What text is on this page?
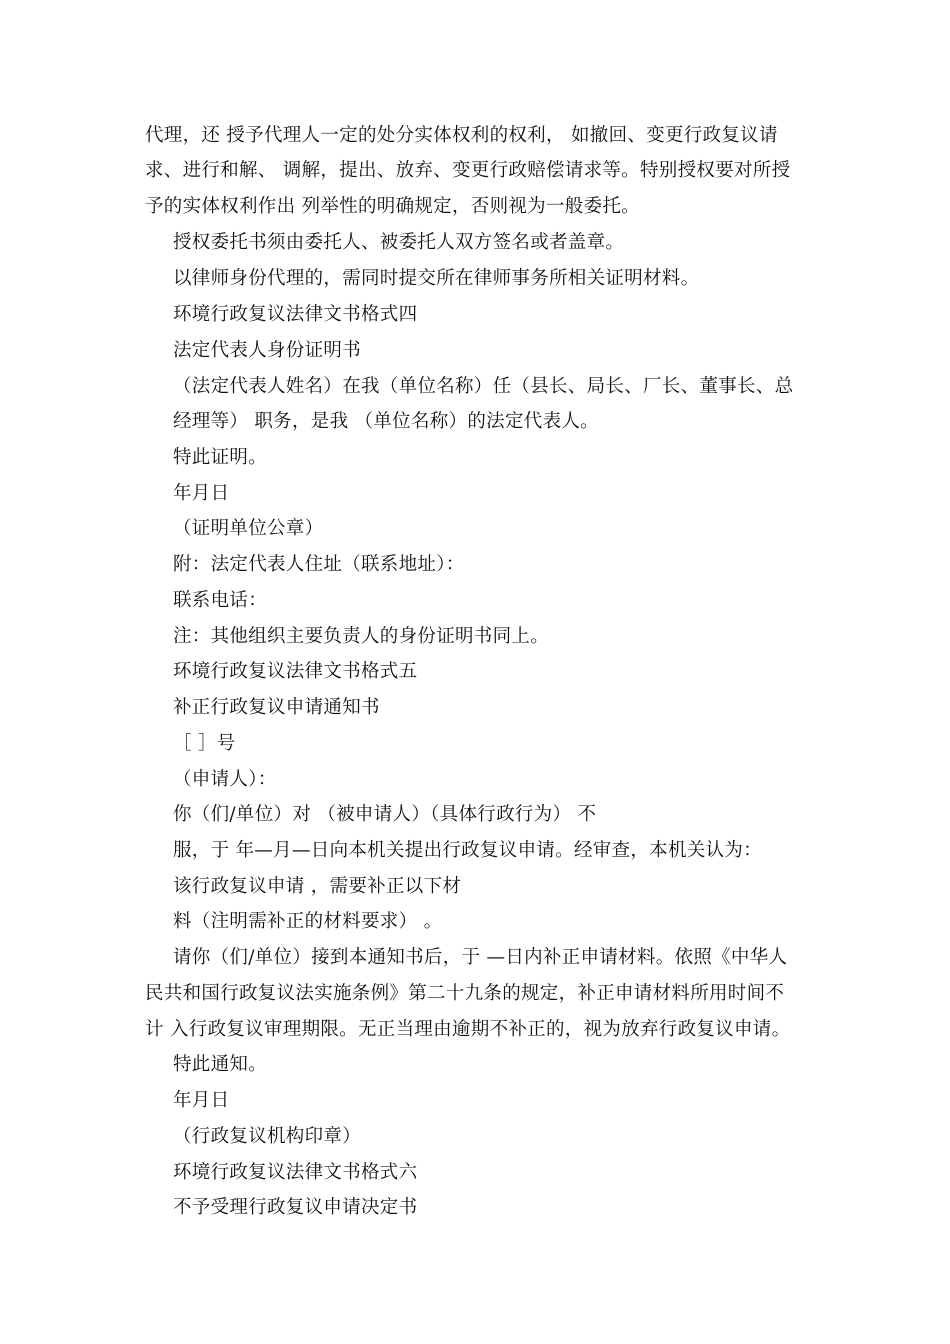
代理，还 授予代理人一定的处分实体权利的权利， 如撤回、变更行政复议请
求、进行和解、 调解，提出、放弃、变更行政赔偿请求等。特别授权要对所授
予的实体权利作出 列举性的明确规定，否则视为一般委托。
授权委托书须由委托人、被委托人双方签名或者盖章。
以律师身份代理的，需同时提交所在律师事务所相关证明材料。
环境行政复议法律文书格式四
法定代表人身份证明书
（法定代表人姓名）在我（单位名称）任（县长、局长、厂长、董事长、总
经理等） 职务，是我 （单位名称）的法定代表人。
特此证明。
年月日
（证明单位公章）
附：法定代表人住址（联系地址）：
联系电话：
注：其他组织主要负责人的身份证明书同上。
环境行政复议法律文书格式五
补正行政复议申请通知书
［ ］号
（申请人）：
你（们/单位）对 （被申请人）（具体行政行为） 不
服，于 年—月—日向本机关提出行政复议申请。经审查，本机关认为：
该行政复议申请 ，需要补正以下材
料（注明需补正的材料要求） 。
请你（们/单位）接到本通知书后，于 —日内补正申请材料。依照《中华人
民共和国行政复议法实施条例》第二十九条的规定，补正申请材料所用时间不
计 入行政复议审理期限。无正当理由逾期不补正的，视为放弃行政复议申请。
特此通知。
年月日
（行政复议机构印章）
环境行政复议法律文书格式六
不予受理行政复议申请决定书
